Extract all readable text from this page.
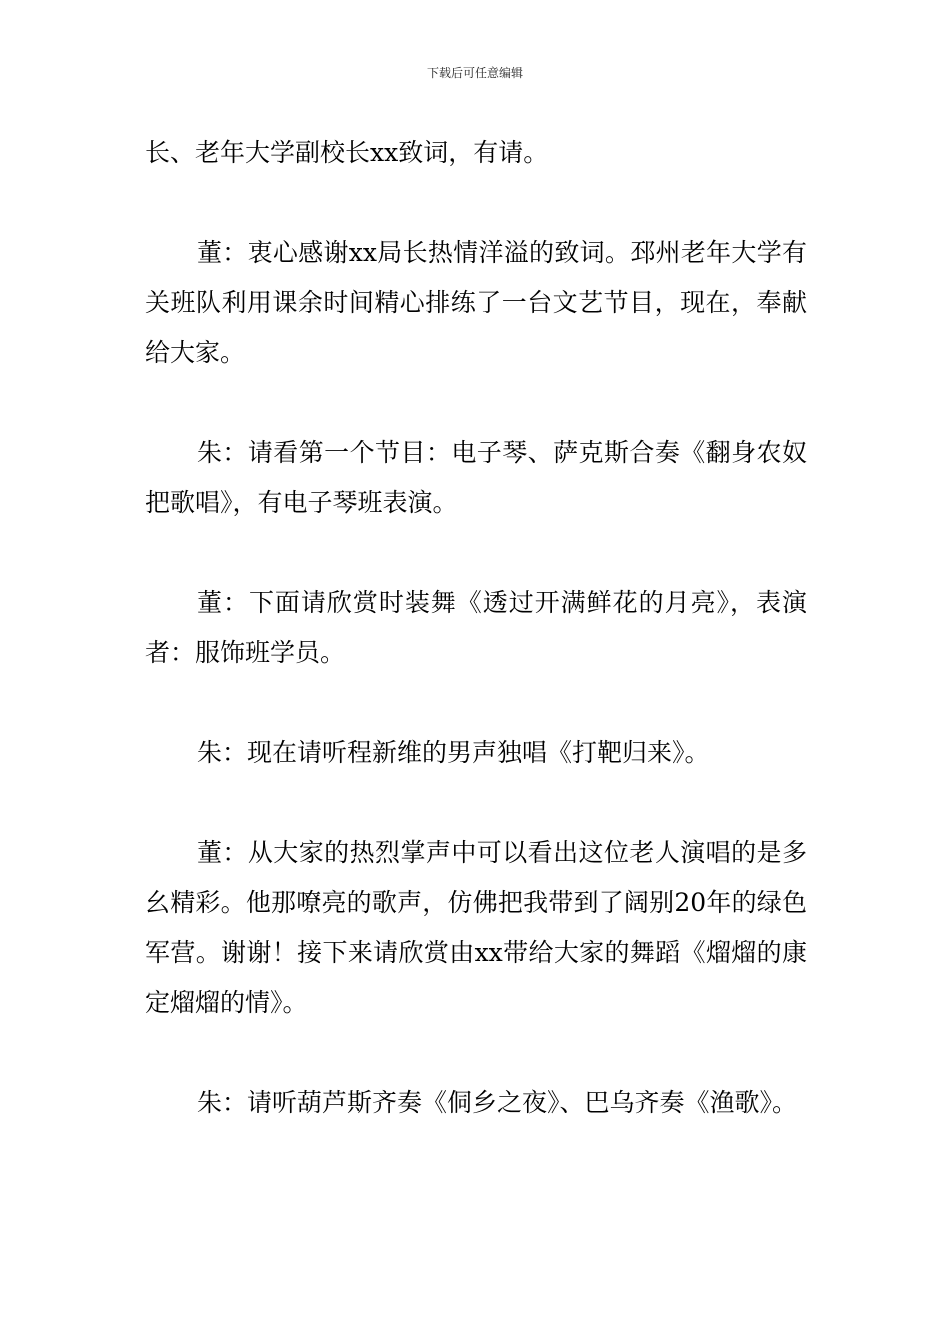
下载后可任意编辑

长、老年大学副校长xx致词，有请。

董：衷心感谢xx局长热情洋溢的致词。邳州老年大学有关班队利用课余时间精心排练了一台文艺节目，现在，奉献给大家。

朱：请看第一个节目：电子琴、萨克斯合奏《翻身农奴把歌唱》，有电子琴班表演。

董：下面请欣赏时装舞《透过开满鲜花的月亮》，表演者：服饰班学员。

朱：现在请听程新维的男声独唱《打靶归来》。

董：从大家的热烈掌声中可以看出这位老人演唱的是多幺精彩。他那嘹亮的歌声，仿佛把我带到了阔别20年的绿色军营。谢谢！接下来请欣赏由xx带给大家的舞蹈《熘熘的康定熘熘的情》。

朱：请听葫芦斯齐奏《侗乡之夜》、巴乌齐奏《渔歌》。
